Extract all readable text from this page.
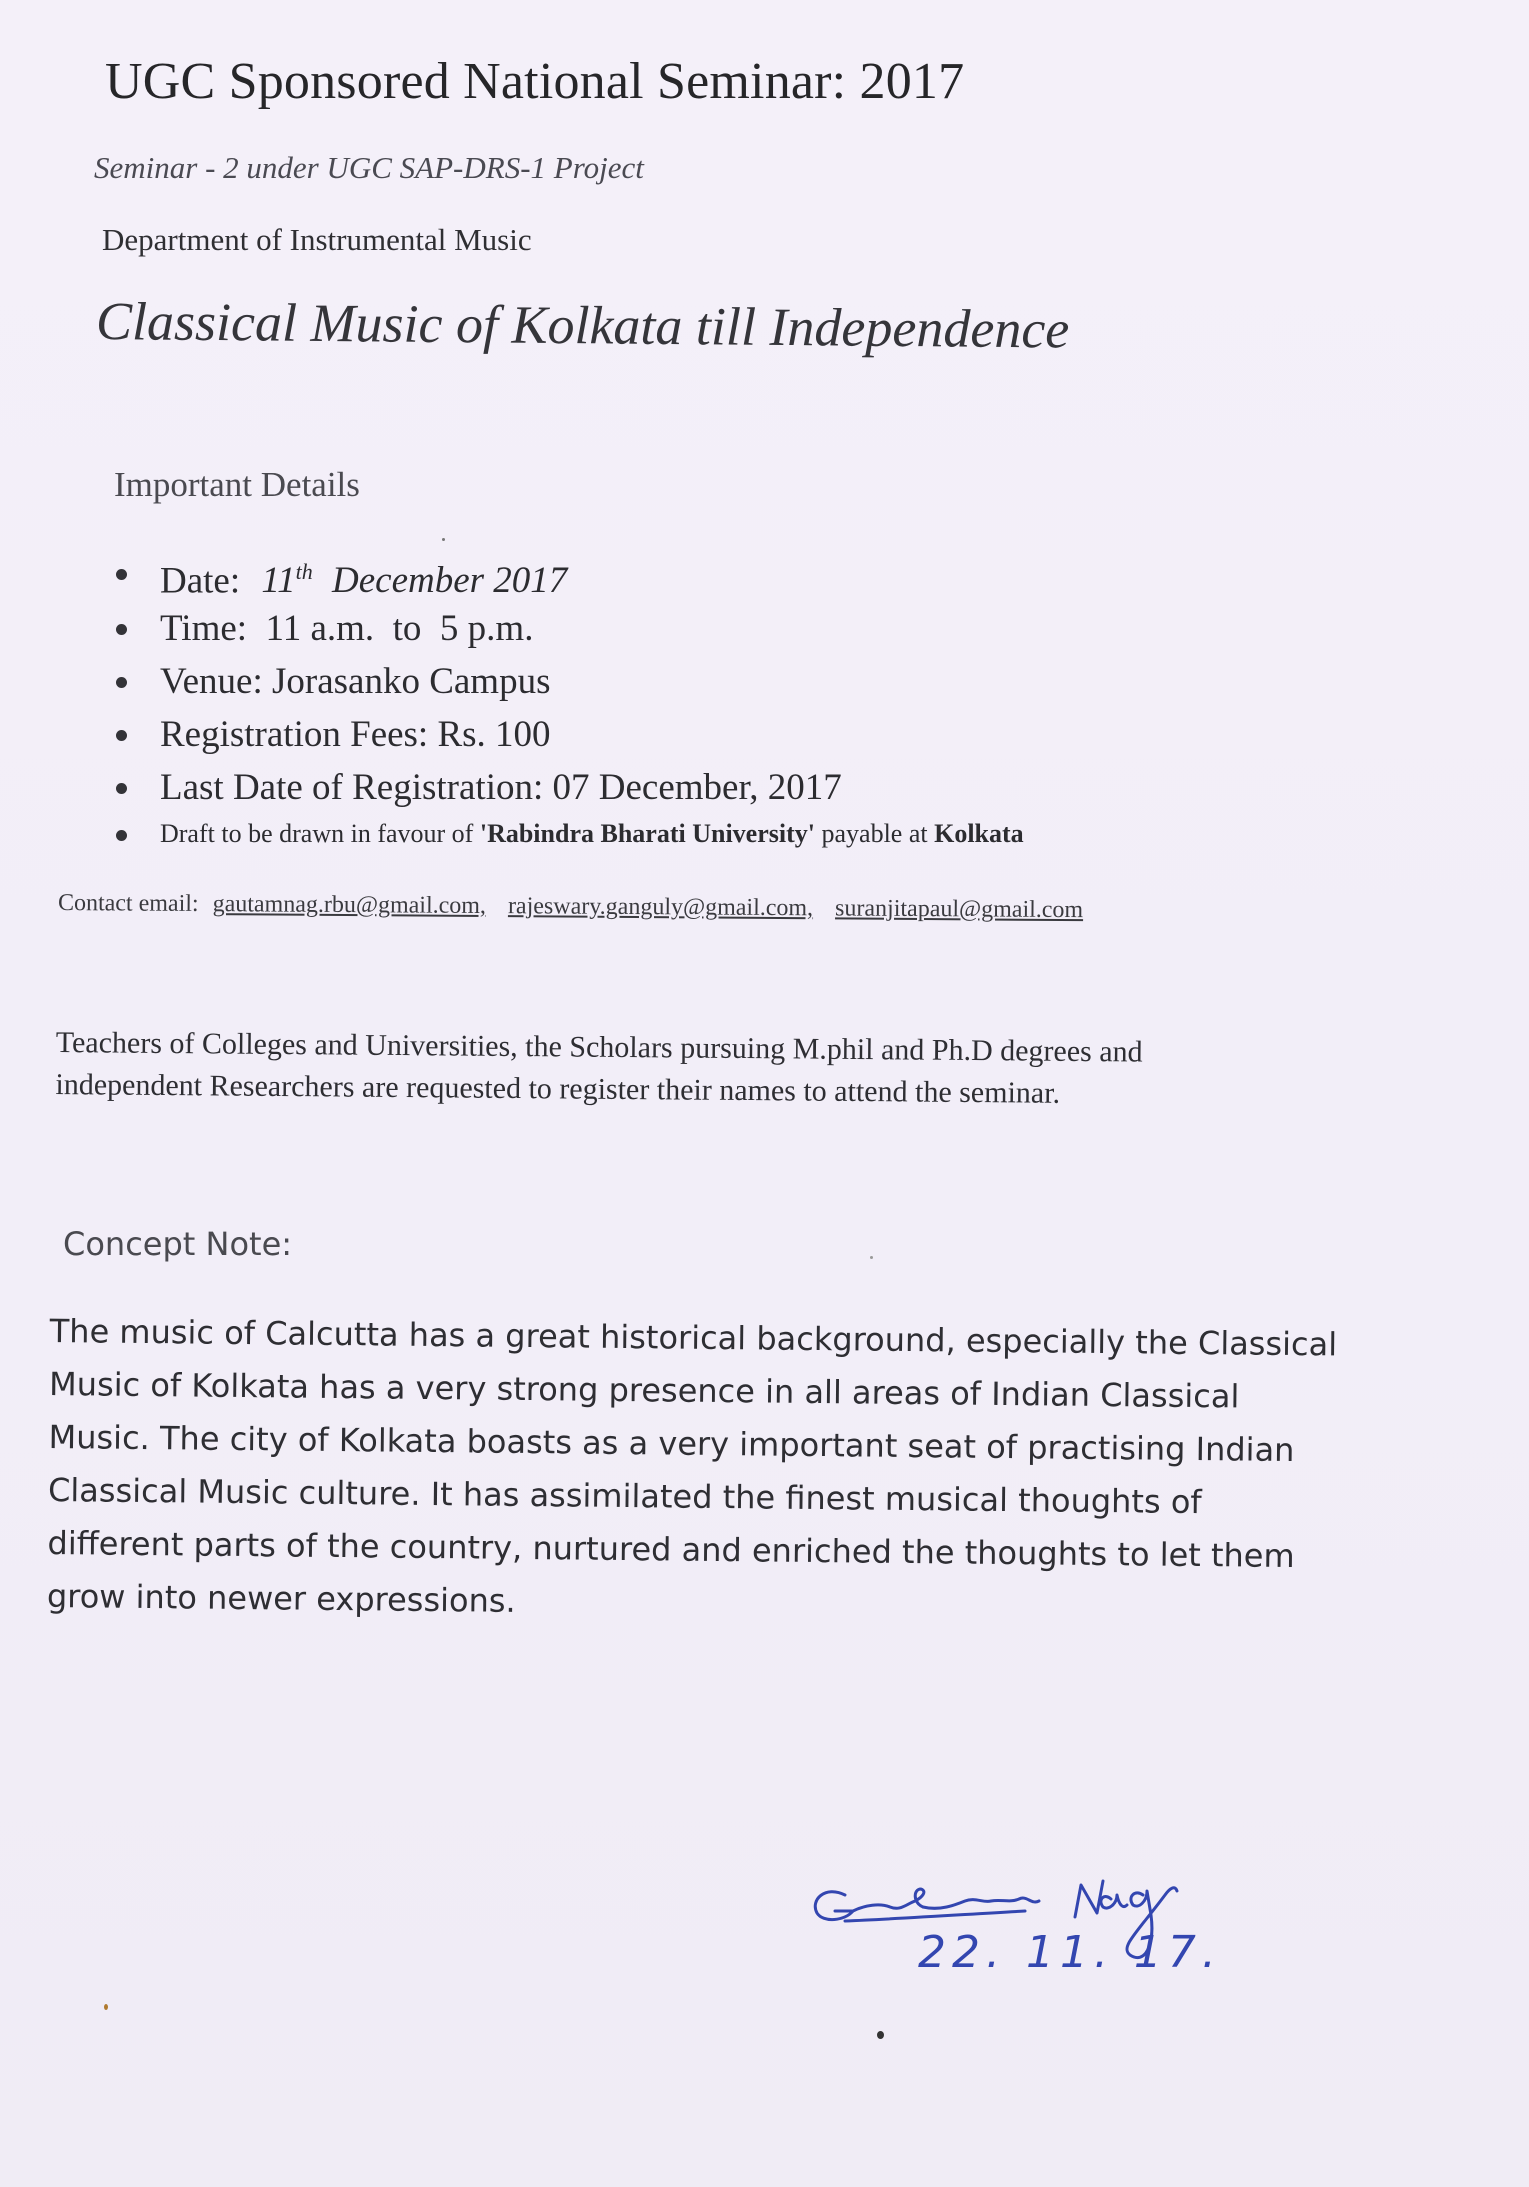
UGC Sponsored National Seminar: 2017
Seminar - 2 under UGC SAP-DRS-1 Project
Department of Instrumental Music
Classical Music of Kolkata till Independence
Important Details
Date: 11th December 2017
Time:  11 a.m.  to  5 p.m.
Venue: Jorasanko Campus
Registration Fees: Rs. 100
Last Date of Registration: 07 December, 2017
Draft to be drawn in favour of 'Rabindra Bharati University' payable at Kolkata
Contact email: gautamnag.rbu@gmail.com, rajeswary.ganguly@gmail.com, suranjitapaul@gmail.com
Teachers of Colleges and Universities, the Scholars pursuing M.phil and Ph.D degrees and
independent Researchers are requested to register their names to attend the seminar.
Concept Note:
The music of Calcutta has a great historical background, especially the Classical
Music of Kolkata has a very strong presence in all areas of Indian Classical
Music. The city of Kolkata boasts as a very important seat of practising Indian
Classical Music culture. It has assimilated the finest musical thoughts of
different parts of the country, nurtured and enriched the thoughts to let them
grow into newer expressions.
22. 11. 17.
